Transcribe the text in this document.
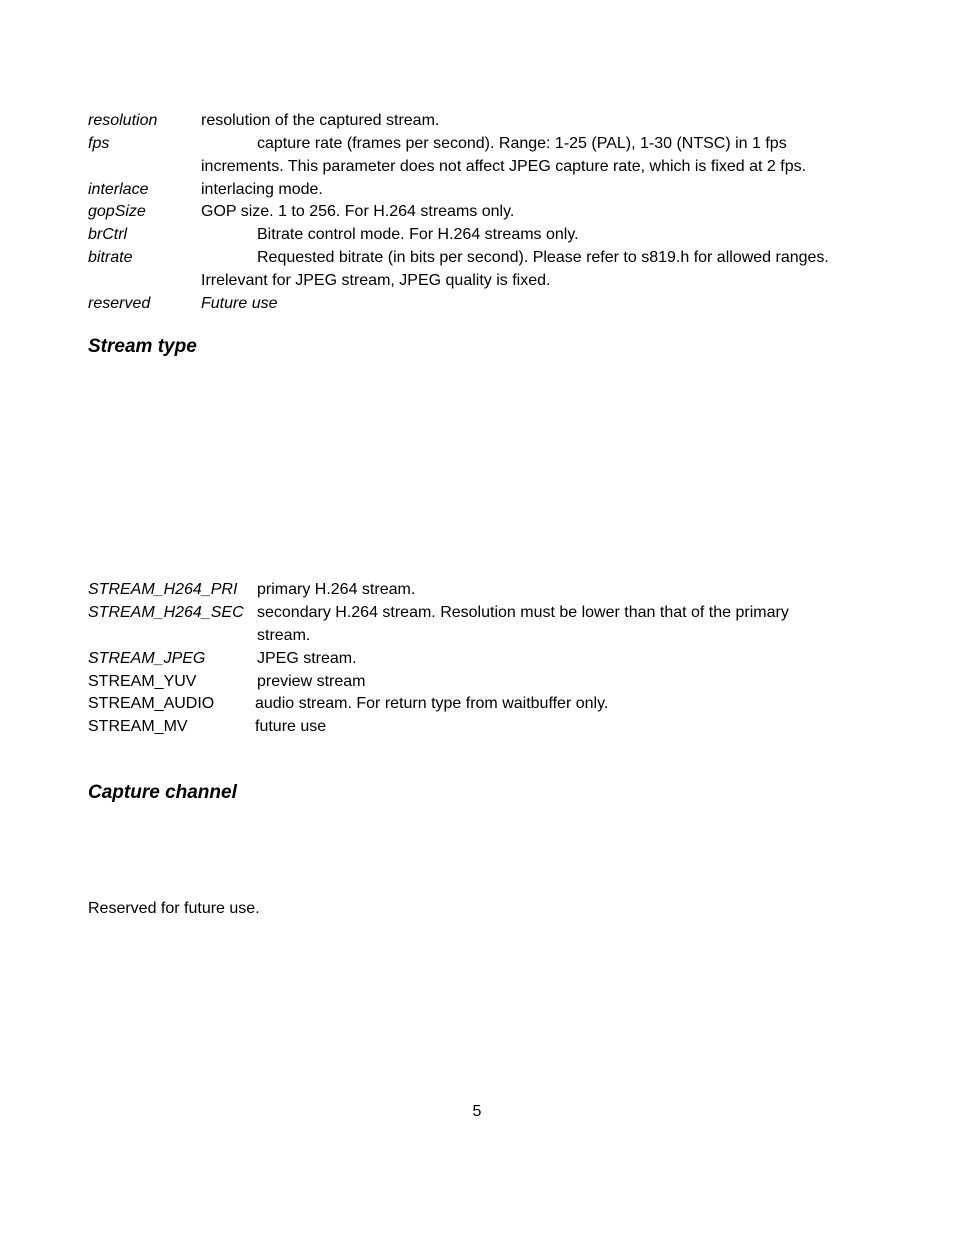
resolution	resolution of the captured stream.
fps	capture rate (frames per second). Range: 1-25 (PAL), 1-30 (NTSC) in 1 fps
increments. This parameter does not affect JPEG capture rate, which is fixed at 2 fps.
interlace	interlacing mode.
gopSize	GOP size. 1 to 256. For H.264 streams only.
brCtrl	Bitrate control mode. For H.264 streams only.
bitrate	Requested bitrate (in bits per second). Please refer to s819.h for allowed ranges.
Irrelevant for JPEG stream, JPEG quality is fixed.
reserved	Future use
Stream type
STREAM_H264_PRI primary H.264 stream.
STREAM_H264_SEC secondary H.264 stream. Resolution must be lower than that of the primary
stream.
STREAM_JPEG	JPEG stream.
STREAM_YUV	preview stream
STREAM_AUDIO	audio stream. For return type from waitbuffer only.
STREAM_MV	future use
Capture channel
Reserved for future use.
5
